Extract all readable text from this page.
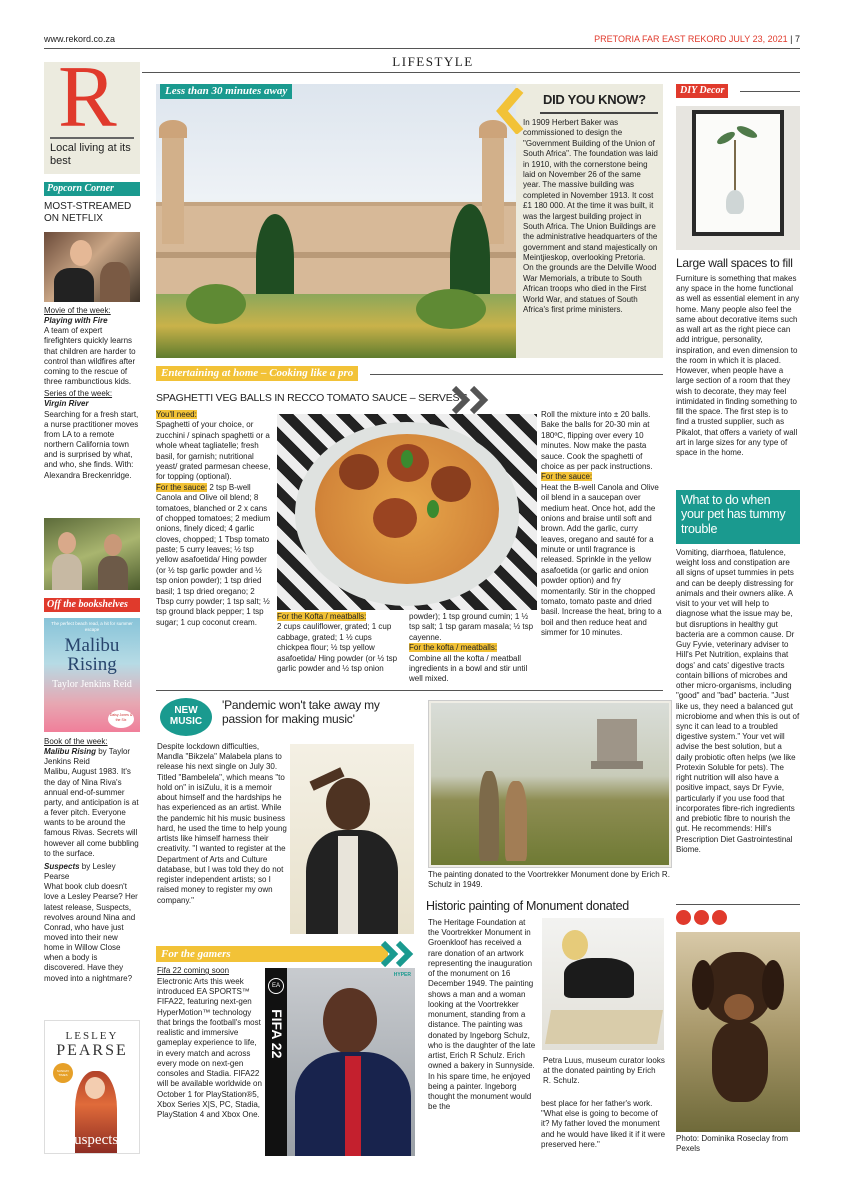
www.rekord.co.za	PRETORIA FAR EAST REKORD JULY 23, 2021 | 7
LIFESTYLE
R
Local living at its best
Popcorn Corner
MOST-STREAMED ON NETFLIX
Movie of the week:
Playing with Fire
A team of expert firefighters quickly learns that children are harder to control than wildfires after coming to the rescue of three rambunctious kids.
Series of the week:
Virgin River
Searching for a fresh start, a nurse practitioner moves from LA to a remote northern California town and is surprised by what, and who, she finds. With: Alexandra Breckenridge.
Off the bookshelves
The perfect beach read, a hit for summer escape
Malibu Rising
Taylor Jenkins Reid
Daisy Jones & the Six
Book of the week:
Malibu Rising by Taylor Jenkins Reid
Malibu, August 1983. It's the day of Nina Riva's annual end-of-summer party, and anticipation is at a fever pitch. Everyone wants to be around the famous Rivas. Secrets will however all come bubbling to the surface.
Suspects by Lesley Pearse
What book club doesn't love a Lesley Pearse? Her latest release, Suspects, revolves around Nina and Conrad, who have just moved into their new home in Willow Close when a body is discovered. Have they moved into a nightmare?
LESLEY
PEARSE
SUNDAY TIMES
Suspects
Less than 30 minutes away
DID YOU KNOW?
In 1909 Herbert Baker was commissioned to design the "Government Building of the Union of South Africa". The foundation was laid in 1910, with the cornerstone being laid on November 26 of the same year. The massive building was completed in November 1913. It cost £1 180 000. At the time it was built, it was the largest building project in South Africa. The Union Buildings are the administrative headquarters of the government and stand majestically on Meintjieskop, overlooking Pretoria. On the grounds are the Delville Wood War Memorials, a tribute to South African troops who died in the First World War, and statues of South Africa's first prime ministers.
Entertaining at home – Cooking like a pro
SPAGHETTI VEG BALLS IN RECCO TOMATO SAUCE – SERVES 6
You'll need:
Spaghetti of your choice, or zucchini / spinach spaghetti or a whole wheat tagliatelle; fresh basil, for garnish; nutritional yeast/ grated parmesan cheese, for topping (optional).
For the sauce: 2 tsp B-well Canola and Olive oil blend; 8 tomatoes, blanched or 2 x cans of chopped tomatoes; 2 medium onions, finely diced; 4 garlic cloves, chopped; 1 Tbsp tomato paste; 5 curry leaves; ½ tsp yellow asafoetida/ Hing powder (or ½ tsp garlic powder and ½ tsp onion powder); 1 tsp dried basil; 1 tsp dried oregano; 2 Tbsp curry powder; 1 tsp salt; ½ tsp ground black pepper; 1 tsp sugar; 1 cup coconut cream.
For the Kofta / meatballs:
2 cups cauliflower, grated; 1 cup cabbage, grated; 1 ½ cups chickpea flour; ½ tsp yellow asafoetida/ Hing powder (or ½ tsp garlic powder and ½ tsp onion
powder); 1 tsp ground cumin; 1 ½ tsp salt; 1 tsp garam masala; ½ tsp cayenne.
For the kofta / meatballs:
Combine all the kofta / meatball ingredients in a bowl and stir until well mixed.
Roll the mixture into ± 20 balls. Bake the balls for 20-30 min at 180ºC, flipping over every 10 minutes. Now make the pasta sauce. Cook the spaghetti of choice as per pack instructions.
For the sauce:
Heat the B-well Canola and Olive oil blend in a saucepan over medium heat. Once hot, add the onions and braise until soft and brown. Add the garlic, curry leaves, oregano and sauté for a minute or until fragrance is released. Sprinkle in the yellow asafoetida (or garlic and onion powder option) and fry momentarily. Stir in the chopped tomato, tomato paste and dried basil. Increase the heat, bring to a boil and then reduce heat and simmer for 10 minutes.
NEW
MUSIC
'Pandemic won't take away my passion for making music'
Despite lockdown difficulties, Mandla "Bikzela" Malabela plans to release his next single on July 30. Titled "Bambelela", which means "to hold on" in isiZulu, it is a memoir about himself and the hardships he has experienced as an artist. While the pandemic hit his music business hard, he used the time to help young artists like himself harness their creativity. "I wanted to register at the Department of Arts and Culture database, but I was told they do not register independent artists; so I raised money to register my own company."
For the gamers
Fifa 22 coming soon
Electronic Arts this week introduced EA SPORTS™ FIFA22, featuring next-gen HyperMotion™ technology that brings the football's most realistic and immersive gameplay experience to life, in every match and across every mode on next-gen consoles and Stadia. FIFA22 will be available worldwide on October 1 for PlayStation®5, Xbox Series X|S, PC, Stadia, PlayStation 4 and Xbox One.
EA
FIFA 22
HYPER
The painting donated to the Voortrekker Monument done by Erich R. Schulz in 1949.
Historic painting of Monument donated
The Heritage Foundation at the Voortrekker Monument in Groenkloof has received a rare donation of an artwork representing the inauguration of the monument on 16 December 1949. The painting shows a man and a woman looking at the Voortrekker monument, standing from a distance. The painting was donated by Ingeborg Schulz, who is the daughter of the late artist, Erich R Schulz. Erich owned a bakery in Sunnyside. In his spare time, he enjoyed being a painter. Ingeborg thought the monument would be the
Petra Luus, museum curator looks at the donated painting by Erich R. Schulz.
best place for her father's work. "What else is going to become of it? My father loved the monument and he would have liked it if it were preserved here."
DIY Decor
Large wall spaces to fill
Furniture is something that makes any space in the home functional as well as essential element in any home. Many people also feel the same about decorative items such as wall art as the right piece can add intrigue, personality, inspiration, and even dimension to the room in which it is placed. However, when people have a large section of a room that they wish to decorate, they may feel intimidated in finding something to fill the space. The first step is to find a trusted supplier, such as Pikalot, that offers a variety of wall art in large sizes for any type of space in the home.
What to do when your pet has tummy trouble
Vomiting, diarrhoea, flatulence, weight loss and constipation are all signs of upset tummies in pets and can be deeply distressing for animals and their owners alike. A visit to your vet will help to diagnose what the issue may be, but disruptions in healthy gut bacteria are a common cause. Dr Guy Fyvie, veterinary adviser to Hill's Pet Nutrition, explains that dogs' and cats' digestive tracts contain billions of microbes and other micro-organisms, including "good" and "bad" bacteria. "Just like us, they need a balanced gut microbiome and when this is out of sync it can lead to a troubled digestive system." Your vet will advise the best solution, but a daily probiotic often helps (we like Protexin Soluble for pets). The right nutrition will also have a positive impact, says Dr Fyvie, particularly if you use food that incorporates fibre-rich ingredients and prebiotic fibre to nourish the gut. He recommends: Hill's Prescription Diet Gastrointestinal Biome.
Photo: Dominika Roseclay from Pexels
